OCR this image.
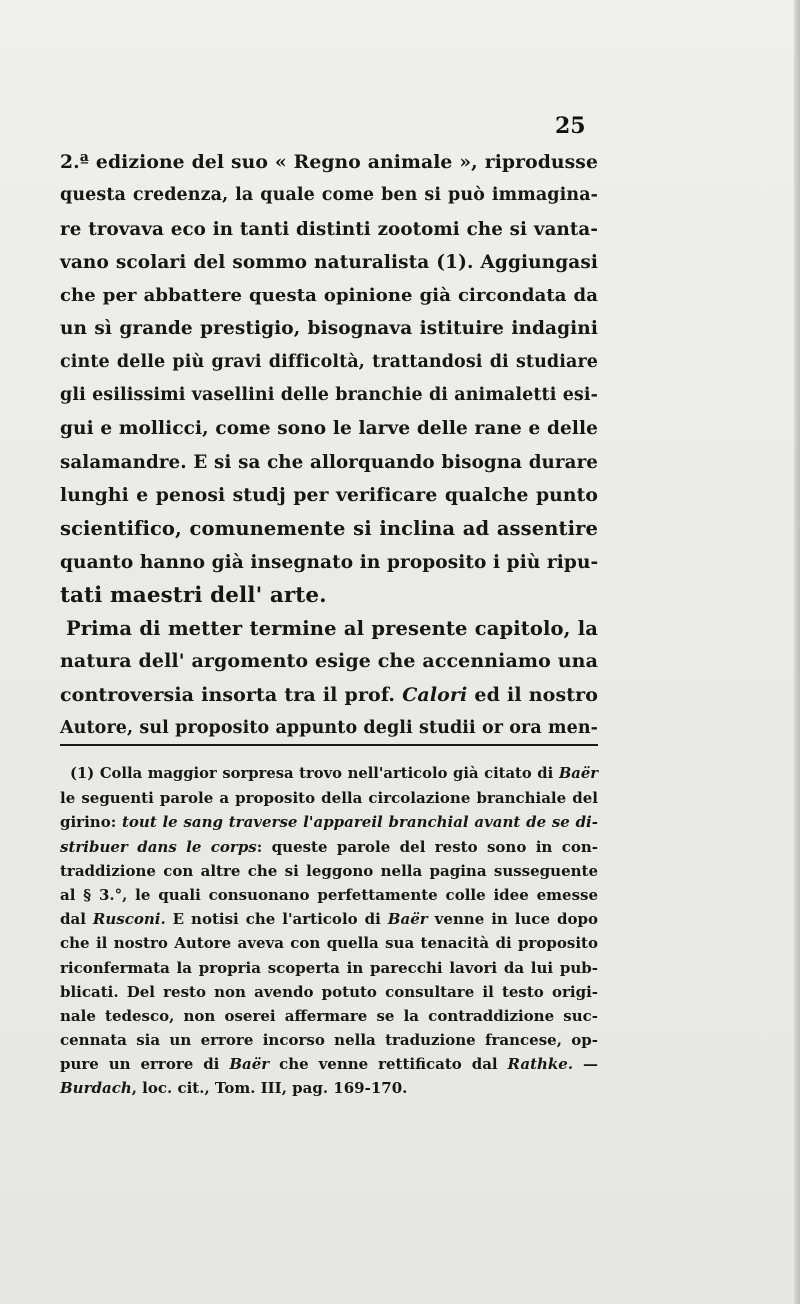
25
2.ª edizione del suo « Regno animale », riprodusse
questa credenza, la quale come ben si può immagina-
re trovava eco in tanti distinti zootomi che si vanta-
vano scolari del sommo naturalista (1). Aggiungasi
che per abbattere questa opinione già circondata da
un sì grande prestigio, bisognava istituire indagini
cinte delle più gravi difficoltà, trattandosi di studiare
gli esilissimi vasellini delle branchie di animaletti esi-
gui e mollicci, come sono le larve delle rane e delle
salamandre. E si sa che allorquando bisogna durare
lunghi e penosi studj per verificare qualche punto
scientifico, comunemente si inclina ad assentire
quanto hanno già insegnato in proposito i più ripu-
tati maestri dell' arte.
Prima di metter termine al presente capitolo, la
natura dell' argomento esige che accenniamo una
controversia insorta tra il prof. Calori ed il nostro
Autore, sul proposito appunto degli studii or ora men-
(1) Colla maggior sorpresa trovo nell'articolo già citato di Baër
le seguenti parole a proposito della circolazione branchiale del
girino: tout le sang traverse l'appareil branchial avant de se di-
stribuer dans le corps: queste parole del resto sono in con-
traddizione con altre che si leggono nella pagina susseguente
al § 3.°, le quali consuonano perfettamente colle idee emesse
dal Rusconi. E notisi che l'articolo di Baër venne in luce dopo
che il nostro Autore aveva con quella sua tenacità di proposito
riconfermata la propria scoperta in parecchi lavori da lui pub-
blicati. Del resto non avendo potuto consultare il testo origi-
nale tedesco, non oserei affermare se la contraddizione suc-
cennata sia un errore incorso nella traduzione francese, op-
pure un errore di Baër che venne rettificato dal Rathke. —
Burdach, loc. cit., Tom. III, pag. 169-170.
